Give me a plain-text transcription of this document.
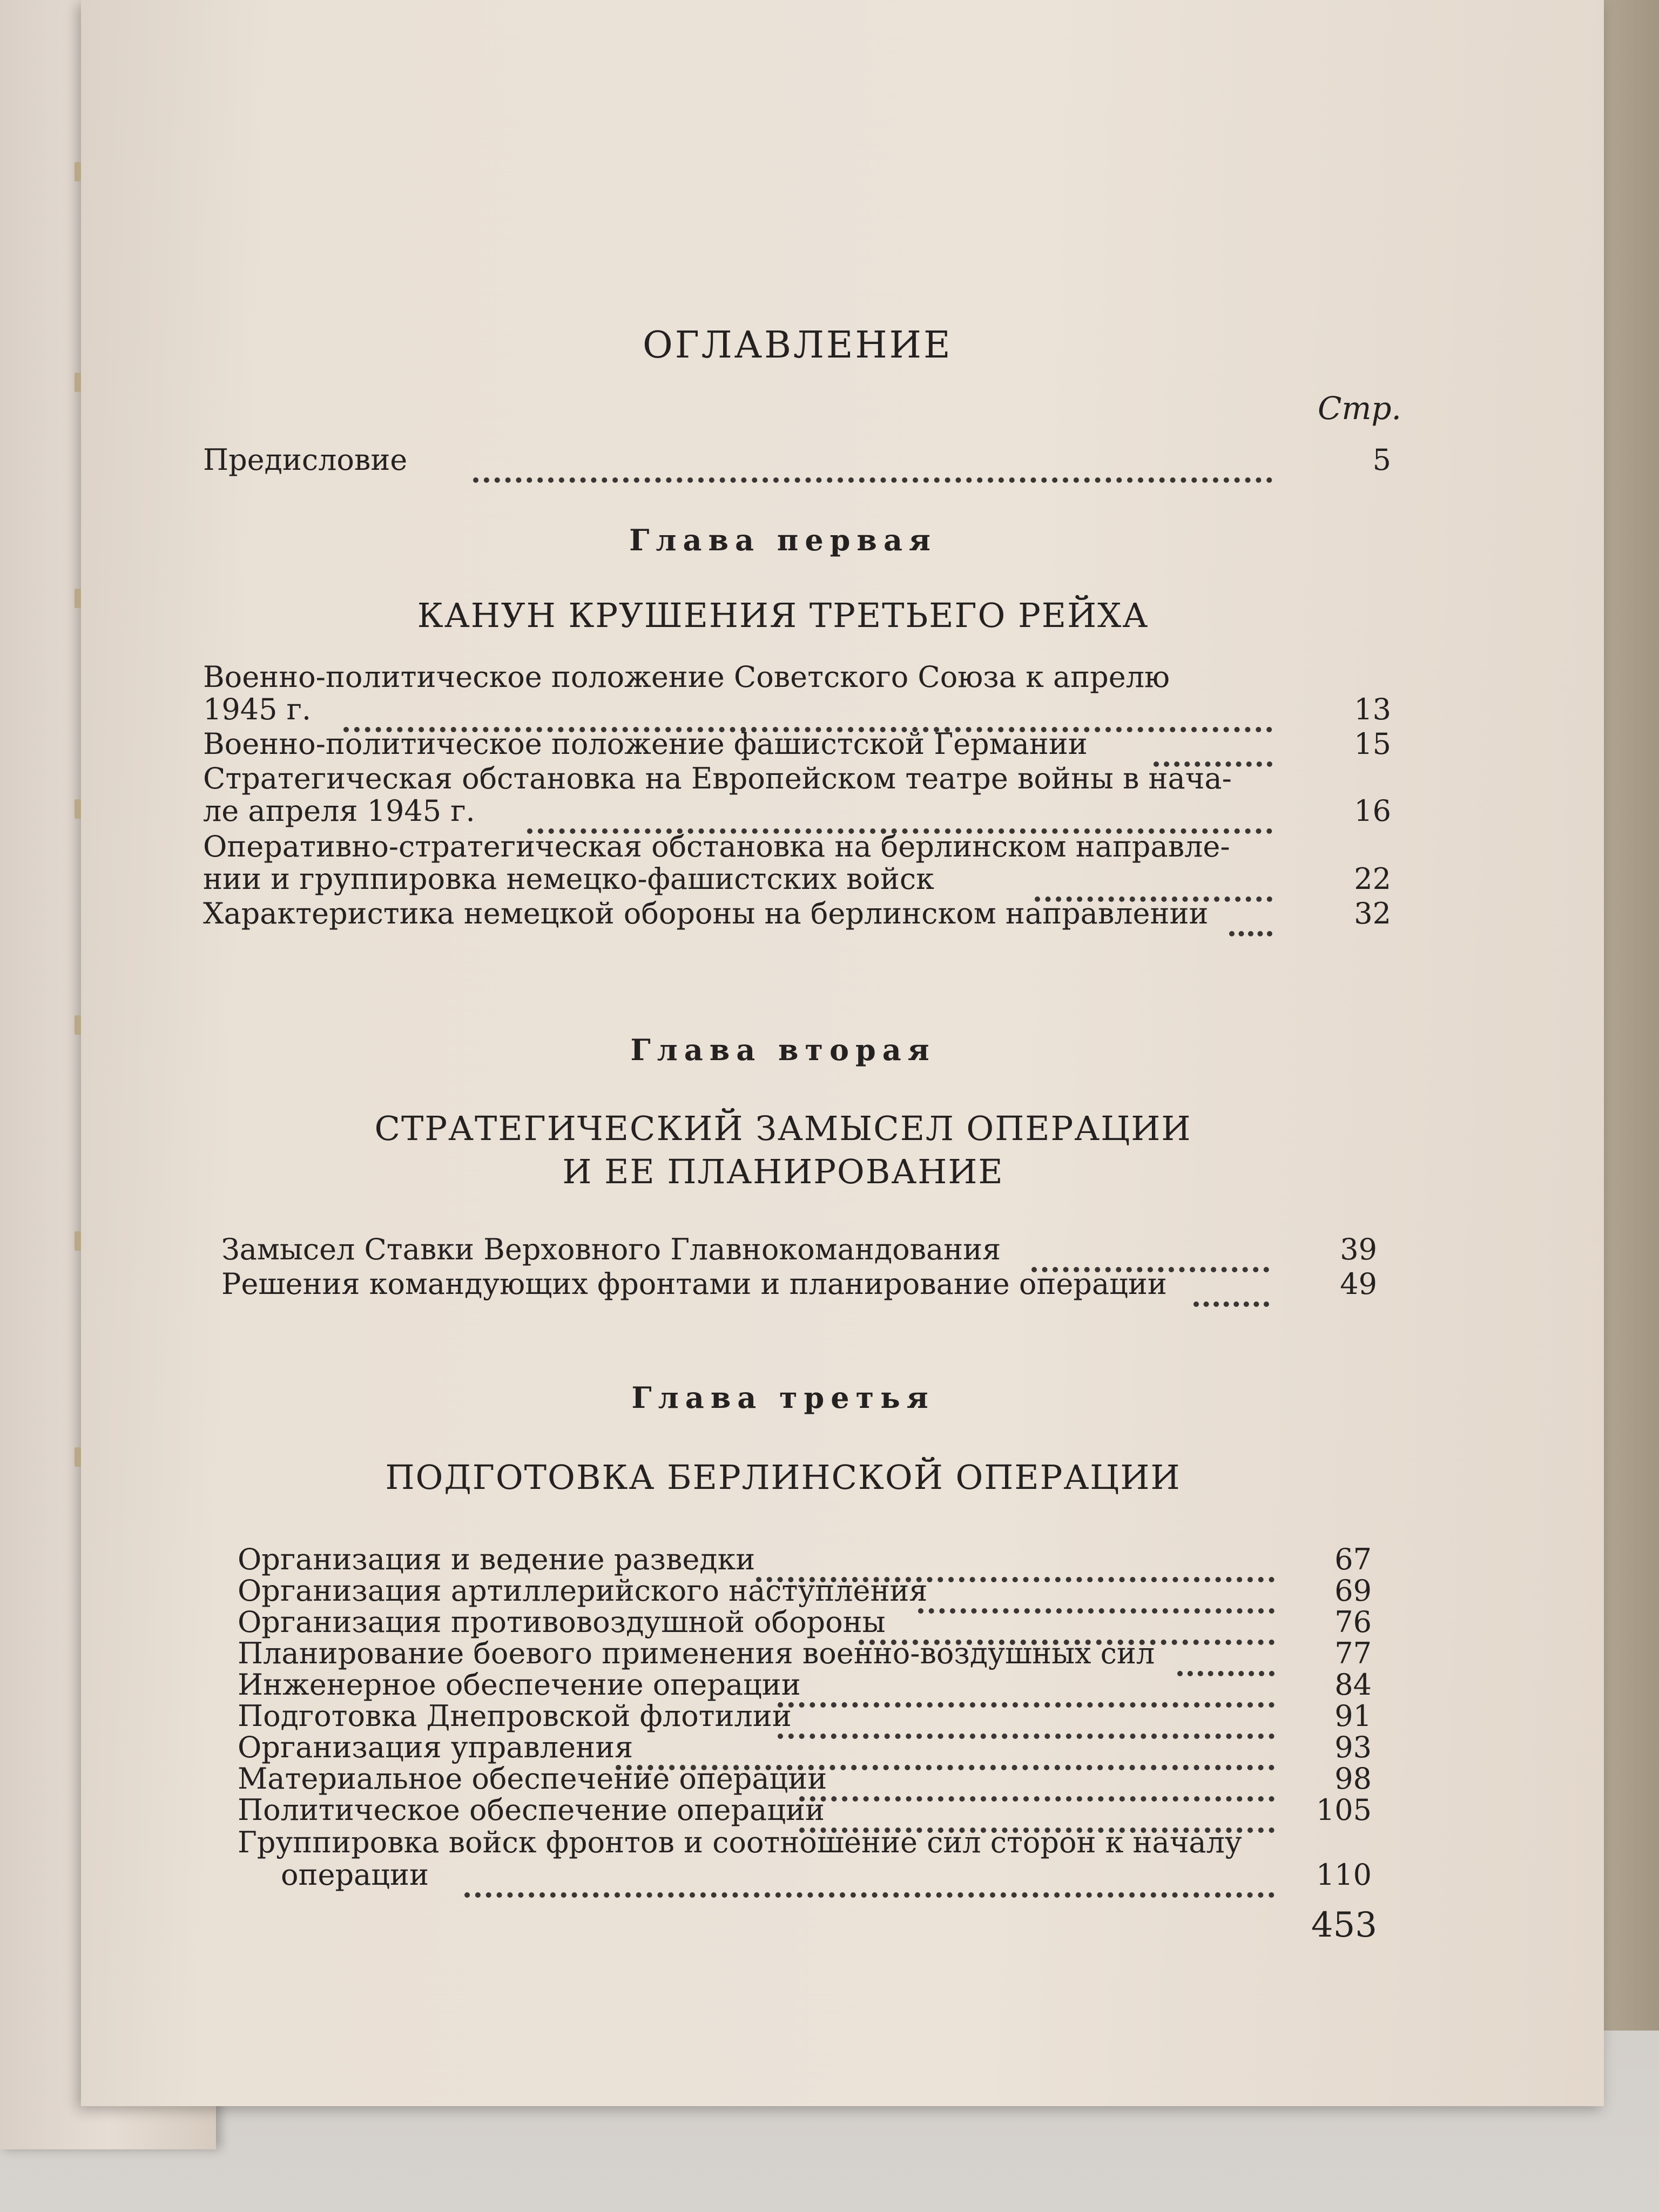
ОГЛАВЛЕНИЕ
Стр.
Предисловие	5
Глава первая
КАНУН КРУШЕНИЯ ТРЕТЬЕГО РЕЙХА
Военно-политическое положение Советского Союза к апрелю
1945 г.	13
Военно-политическое положение фашистской Германии	15
Стратегическая обстановка на Европейском театре войны в нача-
ле апреля 1945 г.	16
Оперативно-стратегическая обстановка на берлинском направле-
нии и группировка немецко-фашистских войск	22
Характеристика немецкой обороны на берлинском направлении	32
Глава вторая
СТРАТЕГИЧЕСКИЙ ЗАМЫСЕЛ ОПЕРАЦИИ
И ЕЕ ПЛАНИРОВАНИЕ
Замысел Ставки Верховного Главнокомандования	39
Решения командующих фронтами и планирование операции	49
Глава третья
ПОДГОТОВКА БЕРЛИНСКОЙ ОПЕРАЦИИ
Организация и ведение разведки	67
Организация артиллерийского наступления	69
Организация противовоздушной обороны	76
Планирование боевого применения военно-воздушных сил	77
Инженерное обеспечение операции	84
Подготовка Днепровской флотилии	91
Организация управления	93
Материальное обеспечение операции	98
Политическое обеспечение операции	105
Группировка войск фронтов и соотношение сил сторон к началу
операции	110
453
